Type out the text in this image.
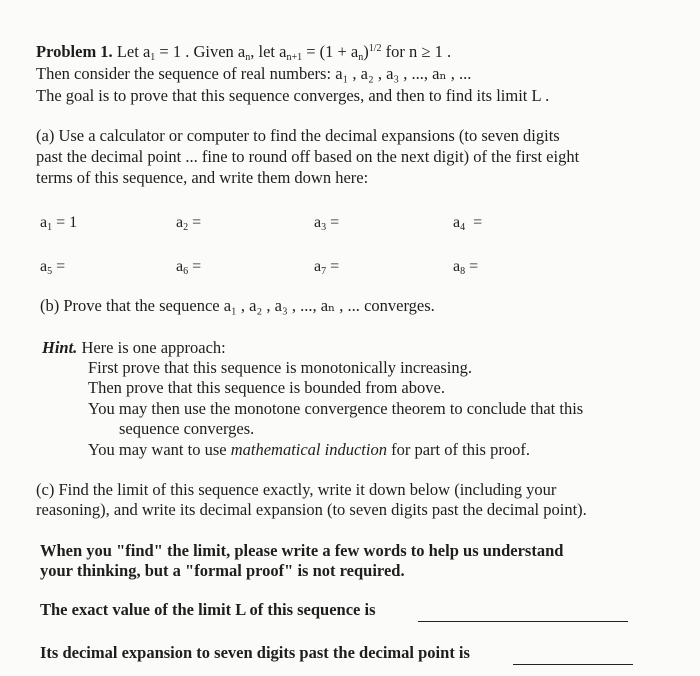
Problem 1. Let $a_1 = 1$ . Given $a_n$, let $a_{n+1} = (1 + a_n)^{1/2}$ for n ≥ 1 .
Then consider the sequence of real numbers: a₁ , a₂ , a₃ , ..., aₙ , ...
The goal is to prove that this sequence converges, and then to find its limit L .
(a) Use a calculator or computer to find the decimal expansions (to seven digits
past the decimal point ... fine to round off based on the next digit) of the first eight
terms of this sequence, and write them down here:
$a_1 = 1$	$a_2$ =	$a_3$ =	$a_4$ =
$a_5$ =	$a_6$ =	$a_7$ =	$a_8$ =
(b) Prove that the sequence a₁ , a₂ , a₃ , ..., aₙ , ... converges.
Hint. Here is one approach:
First prove that this sequence is monotonically increasing.
Then prove that this sequence is bounded from above.
You may then use the monotone convergence theorem to conclude that this
sequence converges.
You may want to use mathematical induction for part of this proof.
(c) Find the limit of this sequence exactly, write it down below (including your
reasoning), and write its decimal expansion (to seven digits past the decimal point).
When you "find" the limit, please write a few words to help us understand
your thinking, but a "formal proof" is not required.
The exact value of the limit L of this sequence is
Its decimal expansion to seven digits past the decimal point is
